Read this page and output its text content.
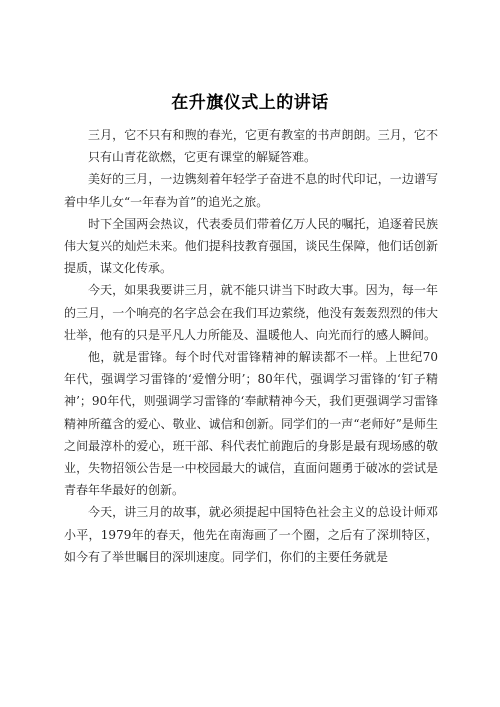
在升旗仪式上的讲话

三月，它不只有和煦的春光，它更有教室的书声朗朗。三月，它不只有山青花欲燃，它更有课堂的解疑答难。

美好的三月，一边镌刻着年轻学子奋进不息的时代印记，一边谱写着中华儿女“一年春为首”的追光之旅。

时下全国两会热议，代表委员们带着亿万人民的嘱托，追逐着民族伟大复兴的灿烂未来。他们提科技教育强国，谈民生保障，他们话创新提质，谋文化传承。

今天，如果我要讲三月，就不能只讲当下时政大事。因为，每一年的三月，一个响亮的名字总会在我们耳边萦绕，他没有轰轰烈烈的伟大壮举，他有的只是平凡人力所能及、温暖他人、向光而行的感人瞬间。

他，就是雷锋。每个时代对雷锋精神的解读都不一样。上世纪70年代，强调学习雷锋的‘爱憎分明’；80年代，强调学习雷锋的‘钉子精神’；90年代，则强调学习雷锋的‘奉献精神今天，我们更强调学习雷锋精神所蕴含的爱心、敬业、诚信和创新。同学们的一声“老师好”是师生之间最淳朴的爱心，班干部、科代表忙前跑后的身影是最有现场感的敬业，失物招领公告是一中校园最大的诚信，直面问题勇于破冰的尝试是青春年华最好的创新。

今天，讲三月的故事，就必须提起中国特色社会主义的总设计师邓小平，1979年的春天，他先在南海画了一个圈，之后有了深圳特区，如今有了举世瞩目的深圳速度。同学们，你们的主要任务就是
